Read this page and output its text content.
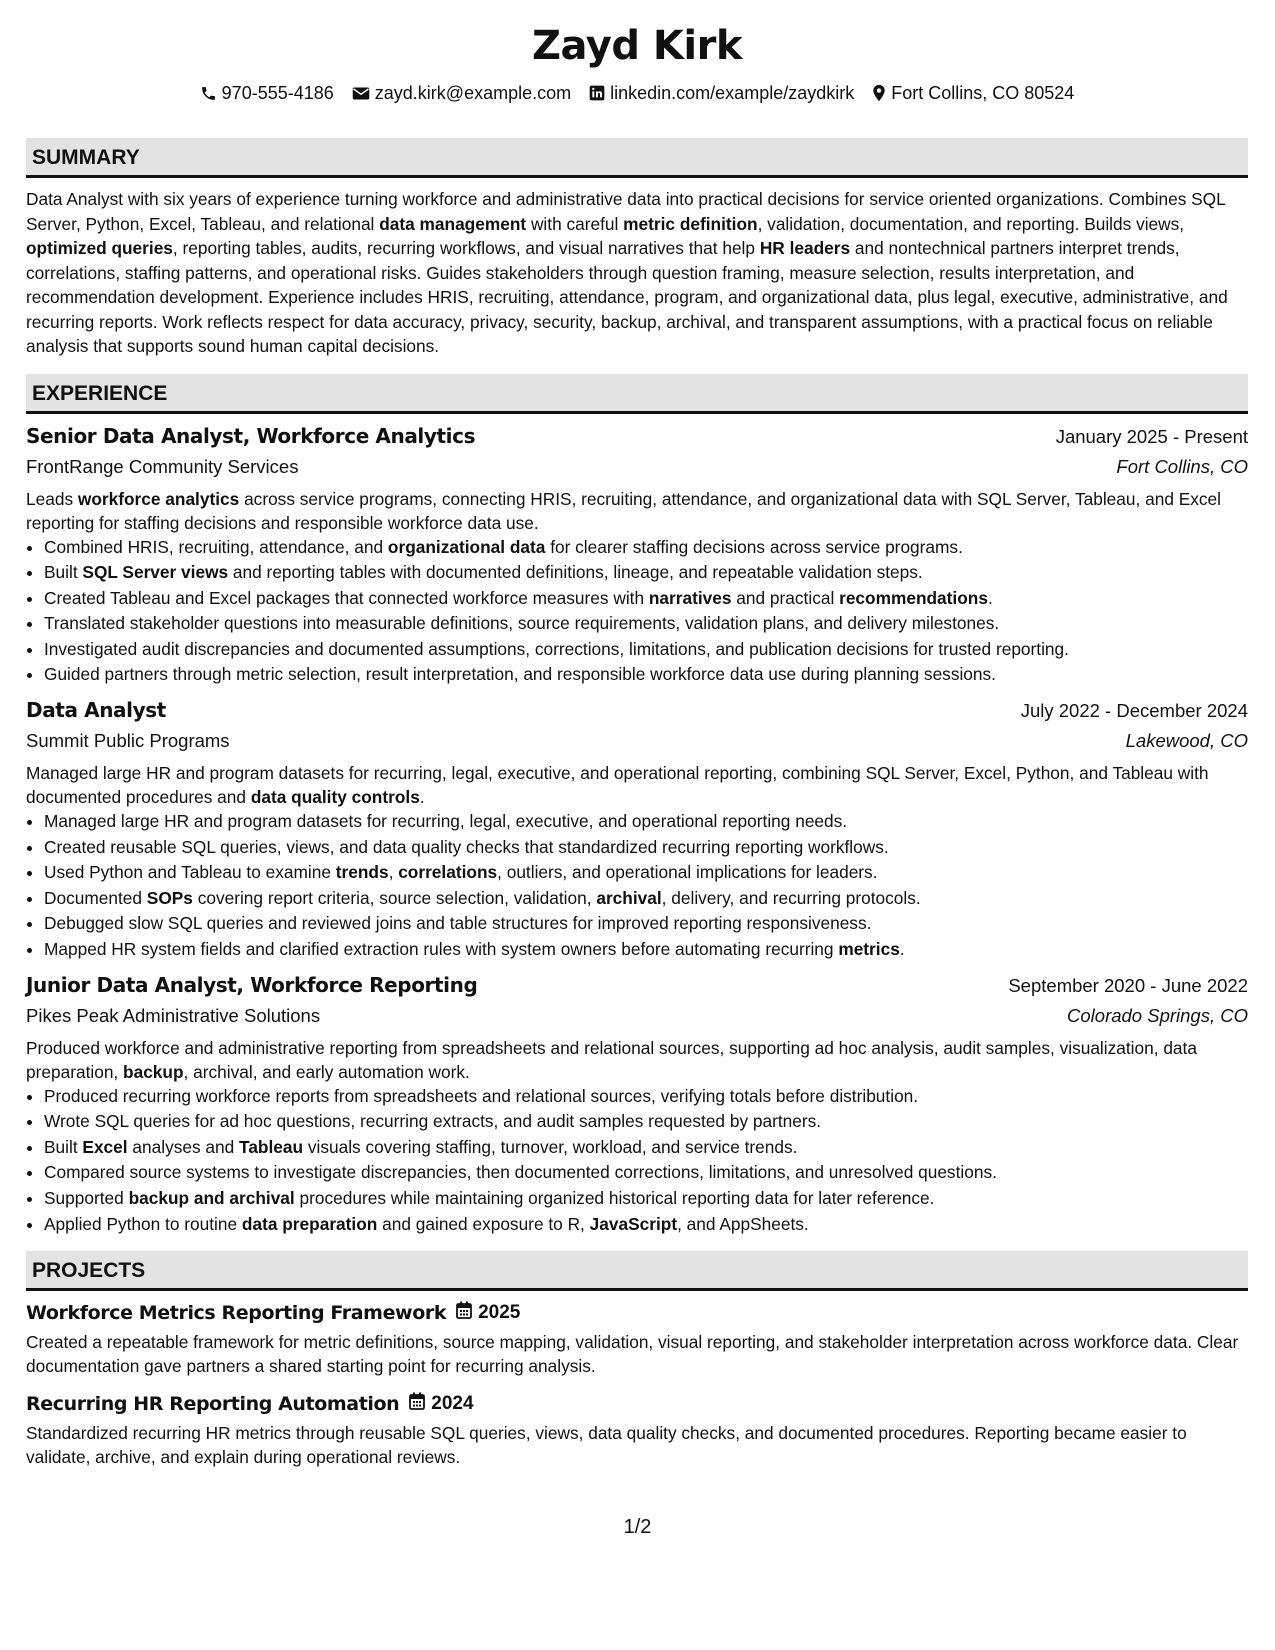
Zayd Kirk
970-555-4186 zayd.kirk@example.com linkedin.com/example/zaydkirk Fort Collins, CO 80524
SUMMARY

Data Analyst with six years of experience turning workforce and administrative data into practical decisions for service oriented organizations. Combines SQL Server, Python, Excel, Tableau, and relational data management with careful metric definition, validation, documentation, and reporting. Builds views, optimized queries, reporting tables, audits, recurring workflows, and visual narratives that help HR leaders and nontechnical partners interpret trends, correlations, staffing patterns, and operational risks. Guides stakeholders through question framing, measure selection, results interpretation, and recommendation development. Experience includes HRIS, recruiting, attendance, program, and organizational data, plus legal, executive, administrative, and recurring reports. Work reflects respect for data accuracy, privacy, security, backup, archival, and transparent assumptions, with a practical focus on reliable analysis that supports sound human capital decisions.

EXPERIENCE
Senior Data Analyst, Workforce Analytics	January 2025 - Present
FrontRange Community Services	Fort Collins, CO

Leads workforce analytics across service programs, connecting HRIS, recruiting, attendance, and organizational data with SQL Server, Tableau, and Excel reporting for staffing decisions and responsible workforce data use.

• Combined HRIS, recruiting, attendance, and organizational data for clearer staffing decisions across service programs.
• Built SQL Server views and reporting tables with documented definitions, lineage, and repeatable validation steps.
• Created Tableau and Excel packages that connected workforce measures with narratives and practical recommendations.
• Translated stakeholder questions into measurable definitions, source requirements, validation plans, and delivery milestones.
• Investigated audit discrepancies and documented assumptions, corrections, limitations, and publication decisions for trusted reporting.
• Guided partners through metric selection, result interpretation, and responsible workforce data use during planning sessions.
Data Analyst	July 2022 - December 2024
Summit Public Programs	Lakewood, CO

Managed large HR and program datasets for recurring, legal, executive, and operational reporting, combining SQL Server, Excel, Python, and Tableau with documented procedures and data quality controls.

• Managed large HR and program datasets for recurring, legal, executive, and operational reporting needs.
• Created reusable SQL queries, views, and data quality checks that standardized recurring reporting workflows.
• Used Python and Tableau to examine trends, correlations, outliers, and operational implications for leaders.
• Documented SOPs covering report criteria, source selection, validation, archival, delivery, and recurring protocols.
• Debugged slow SQL queries and reviewed joins and table structures for improved reporting responsiveness.
• Mapped HR system fields and clarified extraction rules with system owners before automating recurring metrics.
Junior Data Analyst, Workforce Reporting	September 2020 - June 2022
Pikes Peak Administrative Solutions	Colorado Springs, CO

Produced workforce and administrative reporting from spreadsheets and relational sources, supporting ad hoc analysis, audit samples, visualization, data preparation, backup, archival, and early automation work.

• Produced recurring workforce reports from spreadsheets and relational sources, verifying totals before distribution.
• Wrote SQL queries for ad hoc questions, recurring extracts, and audit samples requested by partners.
• Built Excel analyses and Tableau visuals covering staffing, turnover, workload, and service trends.
• Compared source systems to investigate discrepancies, then documented corrections, limitations, and unresolved questions.
• Supported backup and archival procedures while maintaining organized historical reporting data for later reference.
• Applied Python to routine data preparation and gained exposure to R, JavaScript, and AppSheets.
PROJECTS
Workforce Metrics Reporting Framework 2025

Created a repeatable framework for metric definitions, source mapping, validation, visual reporting, and stakeholder interpretation across workforce data. Clear documentation gave partners a shared starting point for recurring analysis.

Recurring HR Reporting Automation 2024

Standardized recurring HR metrics through reusable SQL queries, views, data quality checks, and documented procedures. Reporting became easier to validate, archive, and explain during operational reviews.

1/2
